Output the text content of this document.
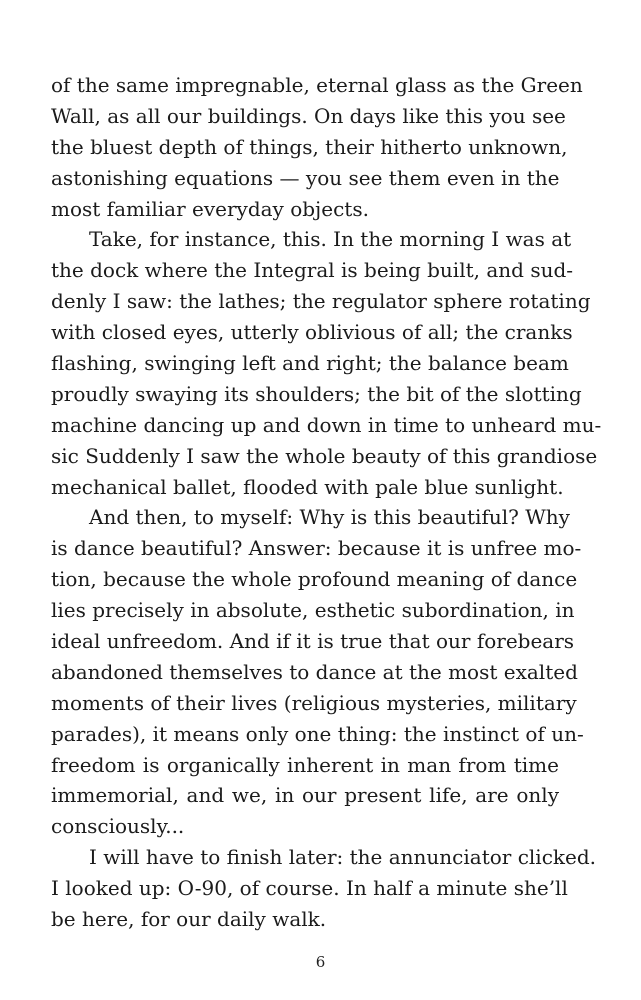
of the same impregnable, eternal glass as the Green
Wall, as all our buildings. On days like this you see
the bluest depth of things, their hitherto unknown,
astonishing equations — you see them even in the
most familiar everyday objects.
Take, for instance, this. In the morning I was at
the dock where the Integral is being built, and sud-
denly I saw: the lathes; the regulator sphere rotating
with closed eyes, utterly oblivious of all; the cranks
flashing, swinging left and right; the balance beam
proudly swaying its shoulders; the bit of the slotting
machine dancing up and down in time to unheard mu-
sic Suddenly I saw the whole beauty of this grandiose
mechanical ballet, flooded with pale blue sunlight.
And then, to myself: Why is this beautiful? Why
is dance beautiful? Answer: because it is unfree mo-
tion, because the whole profound meaning of dance
lies precisely in absolute, esthetic subordination, in
ideal unfreedom. And if it is true that our forebears
abandoned themselves to dance at the most exalted
moments of their lives (religious mysteries, military
parades), it means only one thing: the instinct of un-
freedom is organically inherent in man from time
immemorial, and we, in our present life, are only
consciously...
I will have to finish later: the annunciator clicked.
I looked up: O-90, of course. In half a minute she’ll
be here, for our daily walk.
6
